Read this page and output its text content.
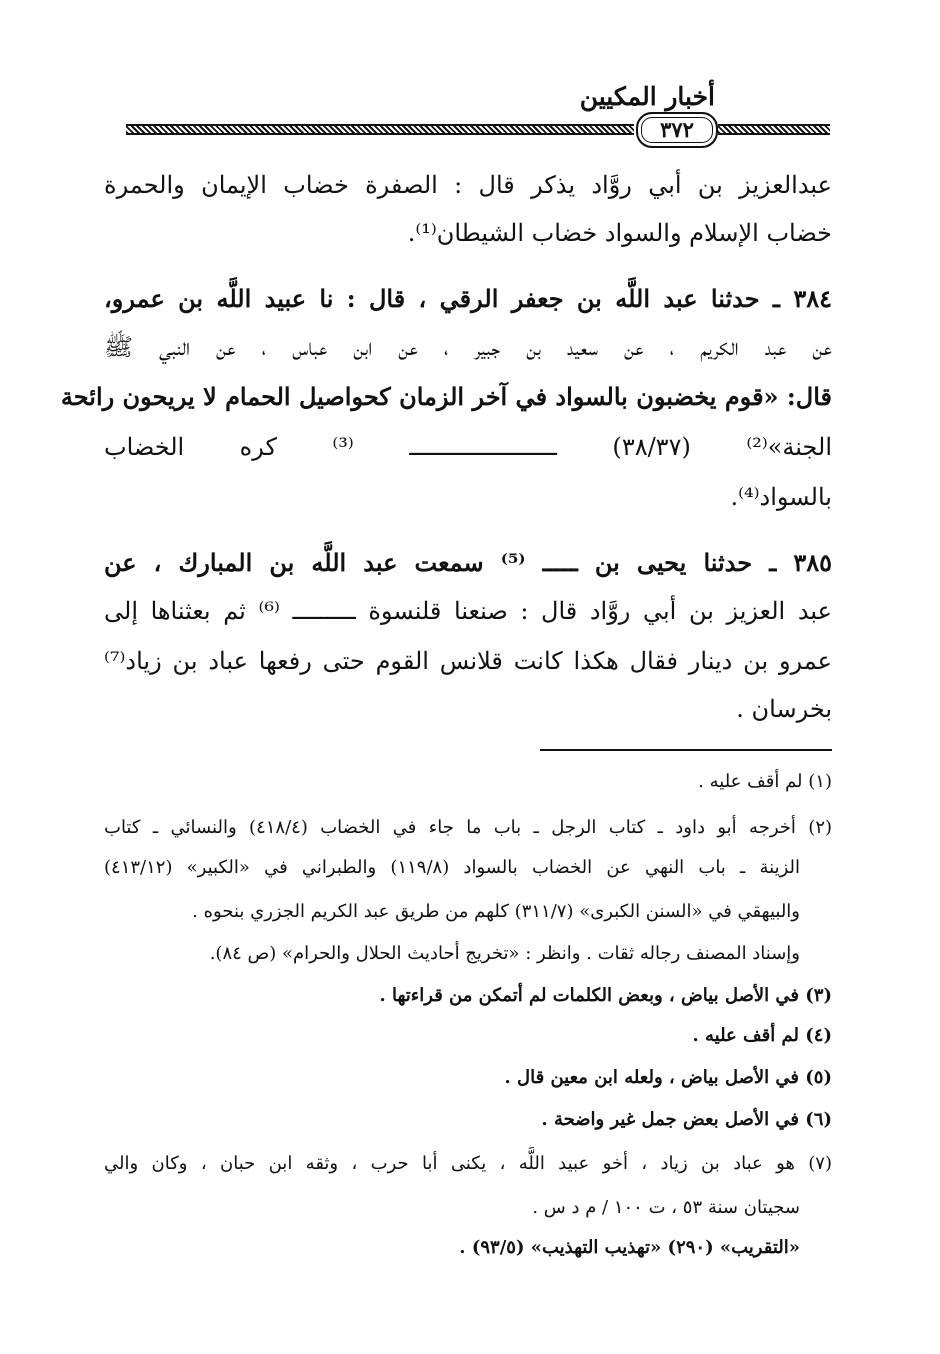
أخبار المكيين
٣٧٢
عبدالعزيز بن أبي روَّاد يذكر قال : الصفرة خضاب الإيمان والحمرة
خضاب الإسلام والسواد خضاب الشيطان⁽¹⁾.
٣٨٤ ـ حدثنا عبد اللَّه بن جعفر الرقي ، قال : نا عبيد اللَّه بن عمرو،
عن عبد الكريم ، عن سعيد بن جبير ، عن ابن عباس ، عن النبي ﷺ
قال: «قوم يخضبون بالسواد في آخر الزمان كحواصيل الحمام لا يريحون رائحة
الجنة»⁽²⁾ (٣٨/٣٧) ـــــــــــــــــــــ ⁽³⁾ كره الخضاب
بالسواد⁽⁴⁾.
٣٨٥ ـ حدثنا يحيى بن ـــــ ⁽⁵⁾ سمعت عبد اللَّه بن المبارك ، عن
عبد العزيز بن أبي روَّاد قال : صنعنا قلنسوة ـــــــــ ⁽⁶⁾ ثم بعثناها إلى
عمرو بن دينار فقال هكذا كانت قلانس القوم حتى رفعها عباد بن زياد⁽⁷⁾
بخرسان .
(١) لم أقف عليه .
(٢) أخرجه أبو داود ـ كتاب الرجل ـ باب ما جاء في الخضاب (٤١٨/٤) والنسائي ـ كتاب
الزينة ـ باب النهي عن الخضاب بالسواد (١١٩/٨) والطبراني في «الكبير» (٤١٣/١٢)
والبيهقي في «السنن الكبرى» (٣١١/٧) كلهم من طريق عبد الكريم الجزري بنحوه .
وإسناد المصنف رجاله ثقات . وانظر : «تخريج أحاديث الحلال والحرام» (ص ٨٤).
(٣) في الأصل بياض ، وبعض الكلمات لم أتمكن من قراءتها .
(٤) لم أقف عليه .
(٥) في الأصل بياض ، ولعله ابن معين قال .
(٦) في الأصل بعض جمل غير واضحة .
(٧) هو عباد بن زياد ، أخو عبيد اللَّه ، يكنى أبا حرب ، وثقه ابن حبان ، وكان والي
سجيتان سنة ٥٣ ، ت ١٠٠ / م د س .
«التقريب» (٢٩٠) «تهذيب التهذيب» (٩٣/٥) .
